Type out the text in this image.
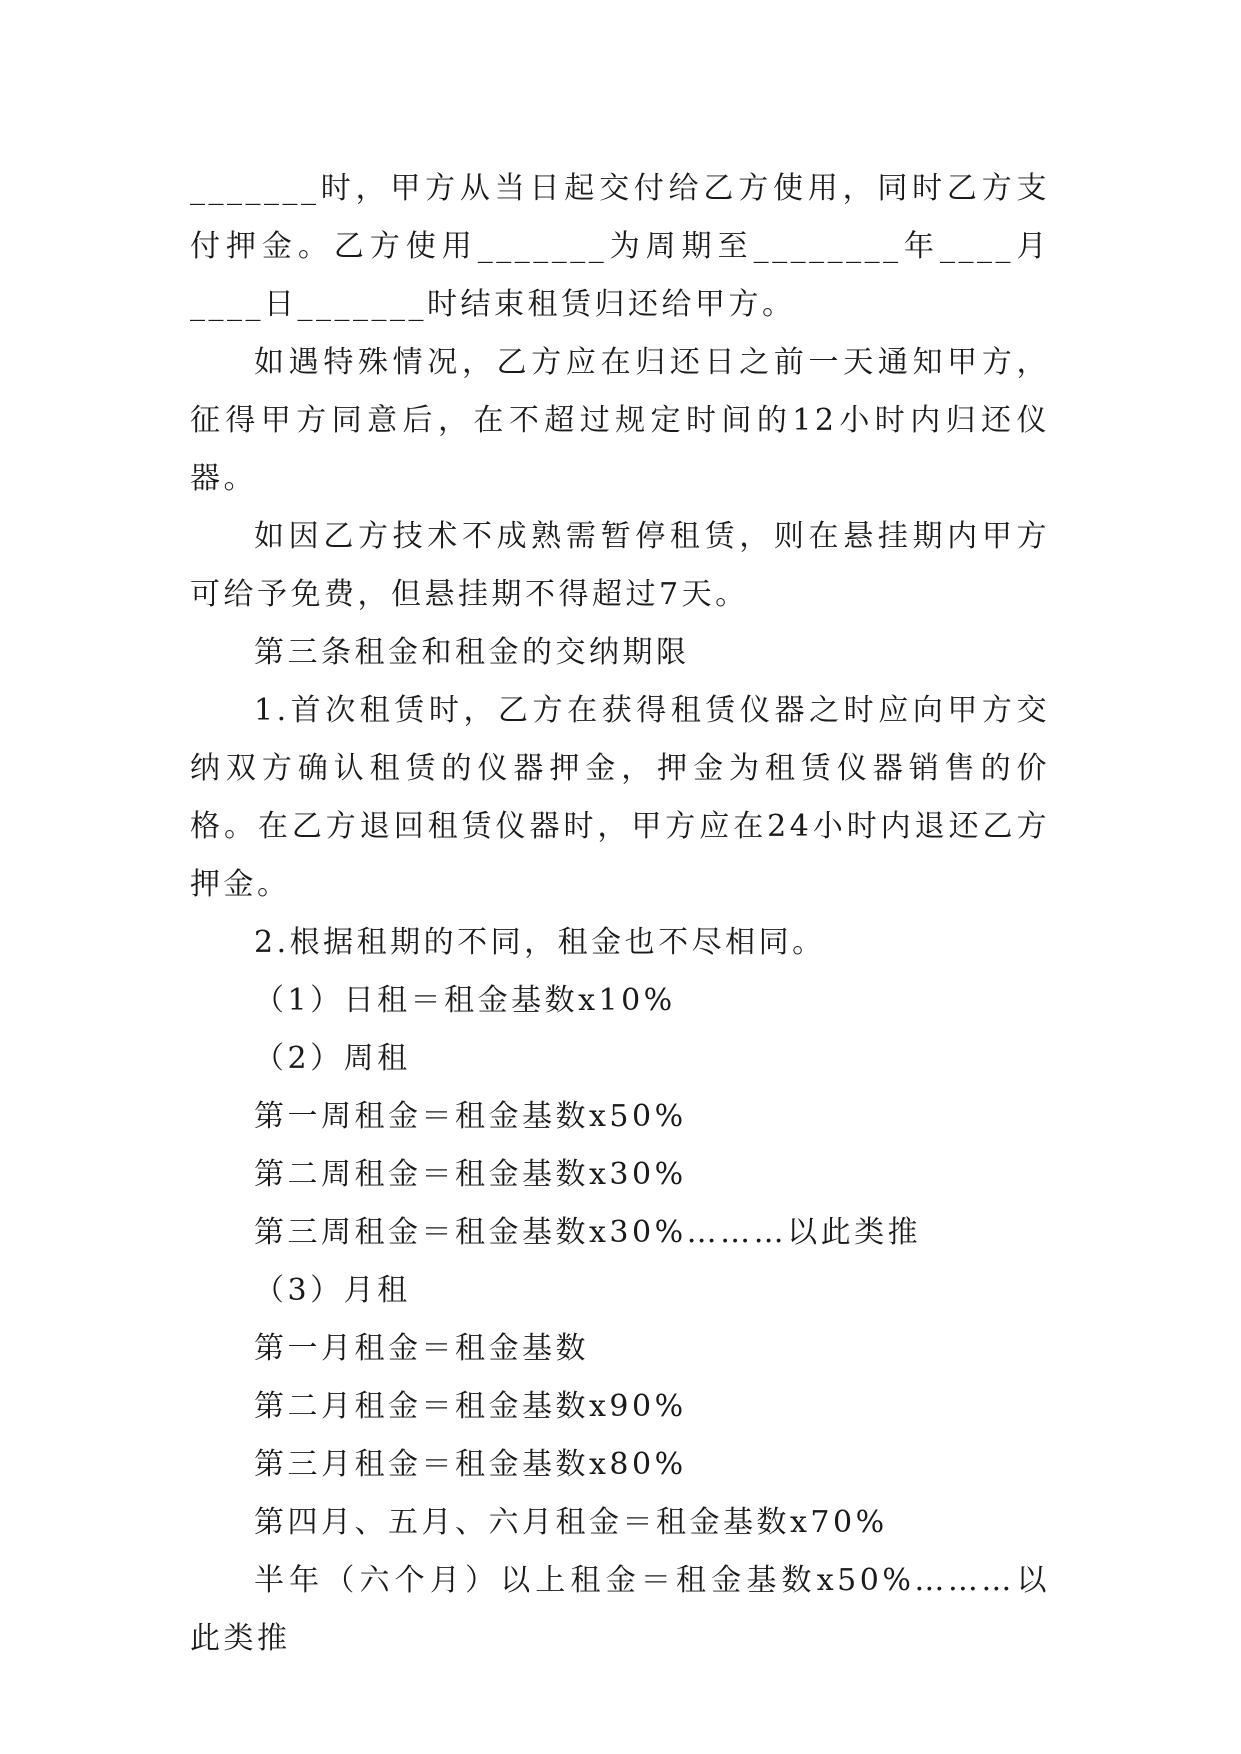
_______时，甲方从当日起交付给乙方使用，同时乙方支付押金。乙方使用_______为周期至________年____月____日_______时结束租赁归还给甲方。

如遇特殊情况，乙方应在归还日之前一天通知甲方，征得甲方同意后，在不超过规定时间的12小时内归还仪器。

如因乙方技术不成熟需暂停租赁，则在悬挂期内甲方可给予免费，但悬挂期不得超过7天。

第三条租金和租金的交纳期限

1.首次租赁时，乙方在获得租赁仪器之时应向甲方交纳双方确认租赁的仪器押金，押金为租赁仪器销售的价格。在乙方退回租赁仪器时，甲方应在24小时内退还乙方押金。

2.根据租期的不同，租金也不尽相同。

（1）日租＝租金基数x10%

（2）周租

第一周租金＝租金基数x50%

第二周租金＝租金基数x30%

第三周租金＝租金基数x30%………以此类推

（3）月租

第一月租金＝租金基数

第二月租金＝租金基数x90%

第三月租金＝租金基数x80%

第四月、五月、六月租金＝租金基数x70%

半年（六个月）以上租金＝租金基数x50%………以此类推
